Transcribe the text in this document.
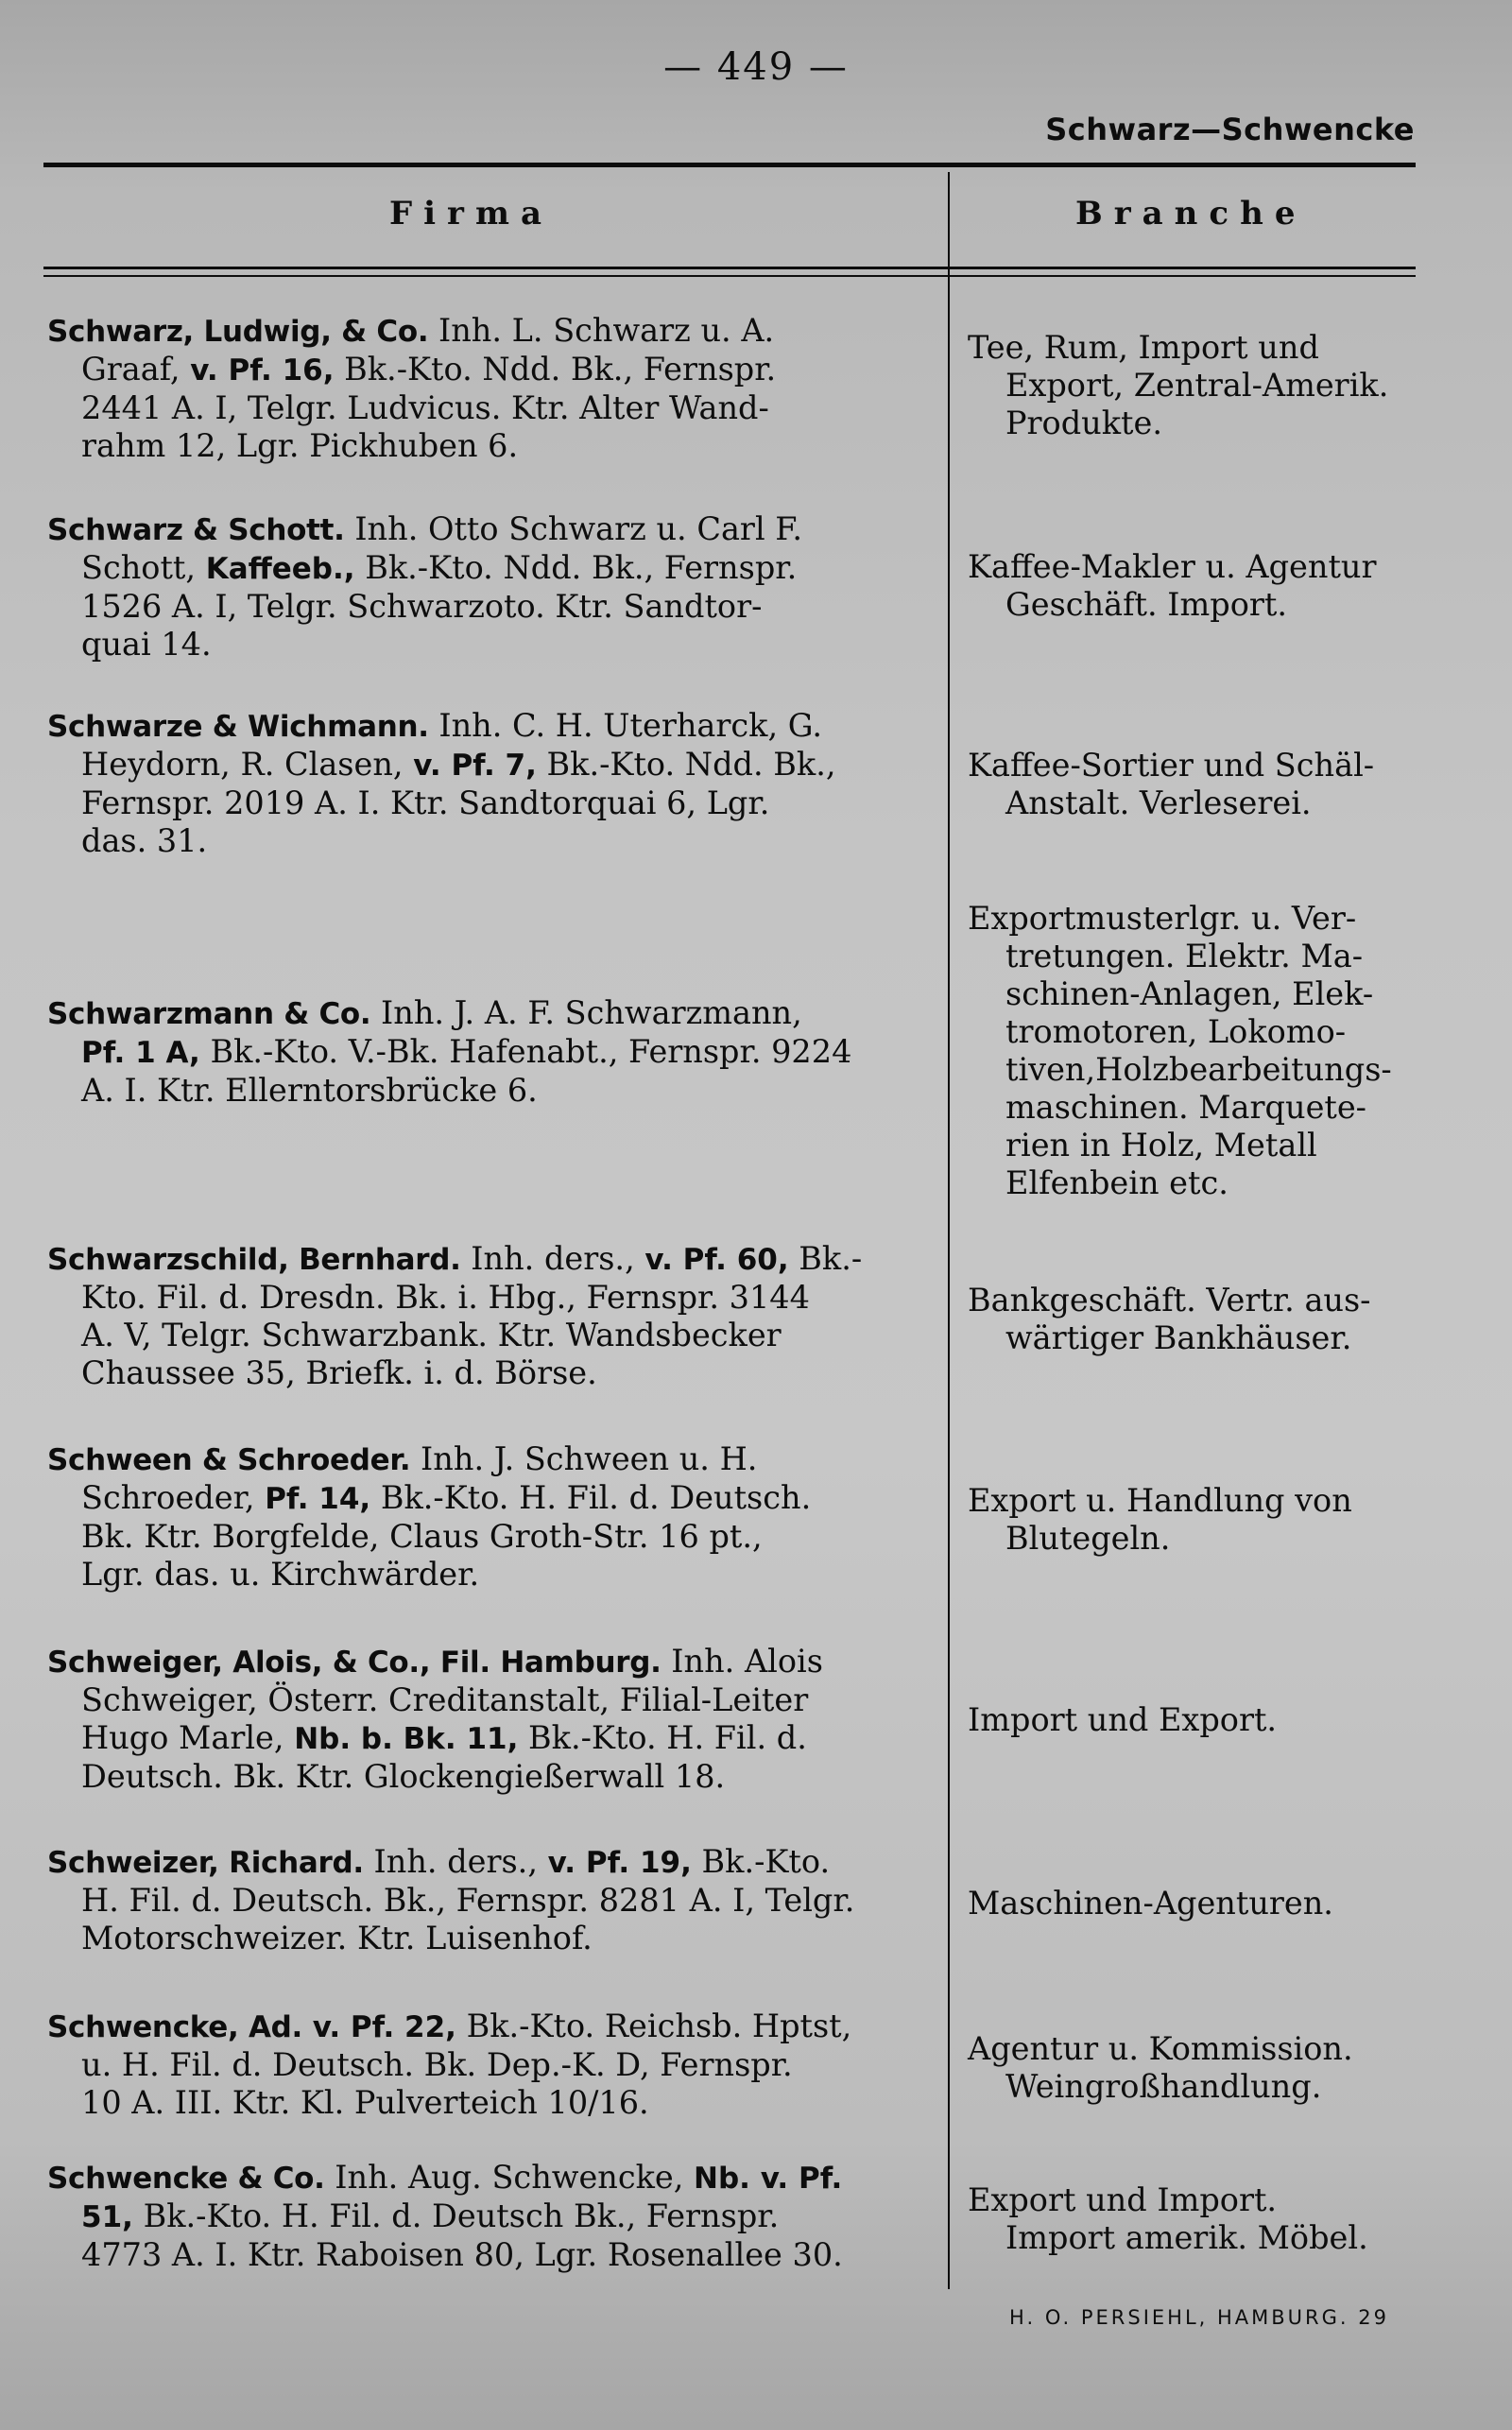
— 449 —
Schwarz—Schwencke
Firma	Branche
Schwarz, Ludwig, & Co. Inh. L. Schwarz u. A.
Graaf, v. Pf. 16, Bk.-Kto. Ndd. Bk., Fernspr.
2441 A. I, Telgr. Ludvicus. Ktr. Alter Wand-
rahm 12, Lgr. Pickhuben 6.
Tee, Rum, Import und
Export, Zentral-Amerik.
Produkte.
Schwarz & Schott. Inh. Otto Schwarz u. Carl F.
Schott, Kaffeeb., Bk.-Kto. Ndd. Bk., Fernspr.
1526 A. I, Telgr. Schwarzoto. Ktr. Sandtor-
quai 14.
Kaffee-Makler u. Agentur
Geschäft. Import.
Schwarze & Wichmann. Inh. C. H. Uterharck, G.
Heydorn, R. Clasen, v. Pf. 7, Bk.-Kto. Ndd. Bk.,
Fernspr. 2019 A. I. Ktr. Sandtorquai 6, Lgr.
das. 31.
Kaffee-Sortier und Schäl-
Anstalt. Verleserei.
Schwarzmann & Co. Inh. J. A. F. Schwarzmann,
Pf. 1 A, Bk.-Kto. V.-Bk. Hafenabt., Fernspr. 9224
A. I. Ktr. Ellerntorsbrücke 6.
Exportmusterlgr. u. Ver-
tretungen. Elektr. Ma-
schinen-Anlagen, Elek-
tromotoren, Lokomo-
tiven,Holzbearbeitungs-
maschinen. Marquete-
rien in Holz, Metall
Elfenbein etc.
Schwarzschild, Bernhard. Inh. ders., v. Pf. 60, Bk.-
Kto. Fil. d. Dresdn. Bk. i. Hbg., Fernspr. 3144
A. V, Telgr. Schwarzbank. Ktr. Wandsbecker
Chaussee 35, Briefk. i. d. Börse.
Bankgeschäft. Vertr. aus-
wärtiger Bankhäuser.
Schween & Schroeder. Inh. J. Schween u. H.
Schroeder, Pf. 14, Bk.-Kto. H. Fil. d. Deutsch.
Bk. Ktr. Borgfelde, Claus Groth-Str. 16 pt.,
Lgr. das. u. Kirchwärder.
Export u. Handlung von
Blutegeln.
Schweiger, Alois, & Co., Fil. Hamburg. Inh. Alois
Schweiger, Österr. Creditanstalt, Filial-Leiter
Hugo Marle, Nb. b. Bk. 11, Bk.-Kto. H. Fil. d.
Deutsch. Bk. Ktr. Glockengießerwall 18.
Import und Export.
Schweizer, Richard. Inh. ders., v. Pf. 19, Bk.-Kto.
H. Fil. d. Deutsch. Bk., Fernspr. 8281 A. I, Telgr.
Motorschweizer. Ktr. Luisenhof.
Maschinen-Agenturen.
Schwencke, Ad. v. Pf. 22, Bk.-Kto. Reichsb. Hptst,
u. H. Fil. d. Deutsch. Bk. Dep.-K. D, Fernspr.
10 A. III. Ktr. Kl. Pulverteich 10/16.
Agentur u. Kommission.
Weingroßhandlung.
Schwencke & Co. Inh. Aug. Schwencke, Nb. v. Pf.
51, Bk.-Kto. H. Fil. d. Deutsch Bk., Fernspr.
4773 A. I. Ktr. Raboisen 80, Lgr. Rosenallee 30.
Export und Import.
Import amerik. Möbel.
H. O. PERSIEHL, HAMBURG. 29
